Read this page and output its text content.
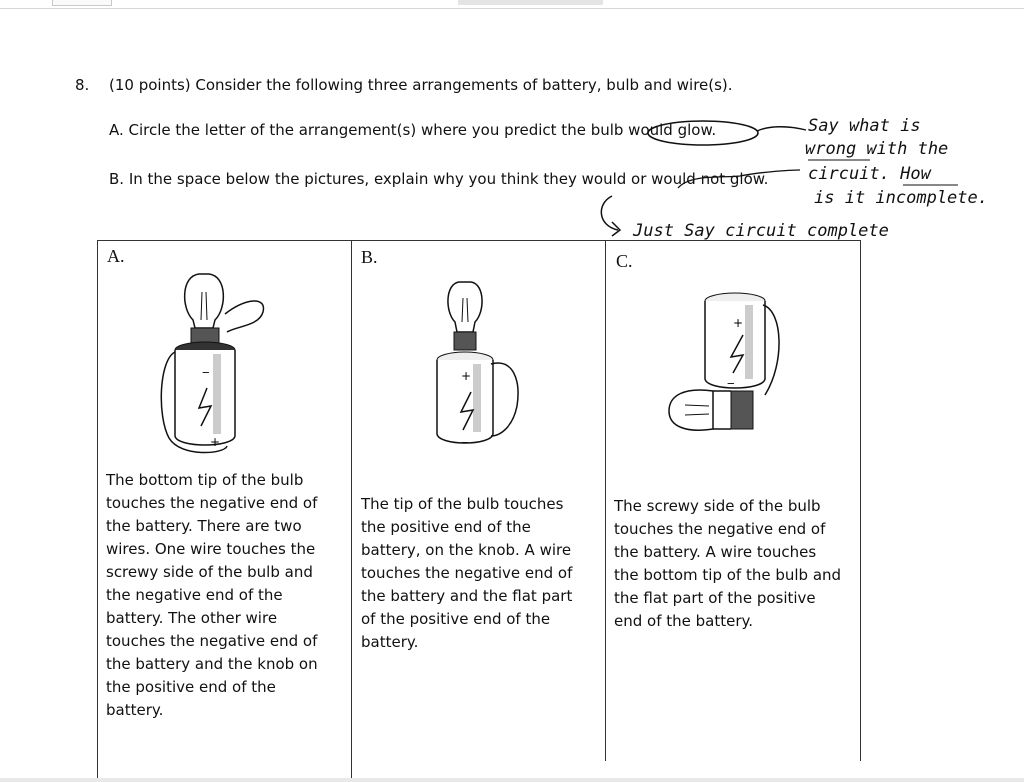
8. (10 points) Consider the following three arrangements of battery, bulb and wire(s).
A. Circle the letter of the arrangement(s) where you predict the bulb would glow.
B. In the space below the pictures, explain why you think they would or would not glow.
Say what is
wrong with the
circuit. How
is it incomplete.
Just Say circuit complete
A.	B.	C.
‒
+
+
‒
+
‒
The bottom tip of the bulb touches the negative end of the battery. There are two wires. One wire touches the screwy side of the bulb and the negative end of the battery. The other wire touches the negative end of the battery and the knob on the positive end of the battery.
The tip of the bulb touches the positive end of the battery, on the knob. A wire touches the negative end of the battery and the flat part of the positive end of the battery.
The screwy side of the bulb touches the negative end of the battery. A wire touches the bottom tip of the bulb and the flat part of the positive end of the battery.
